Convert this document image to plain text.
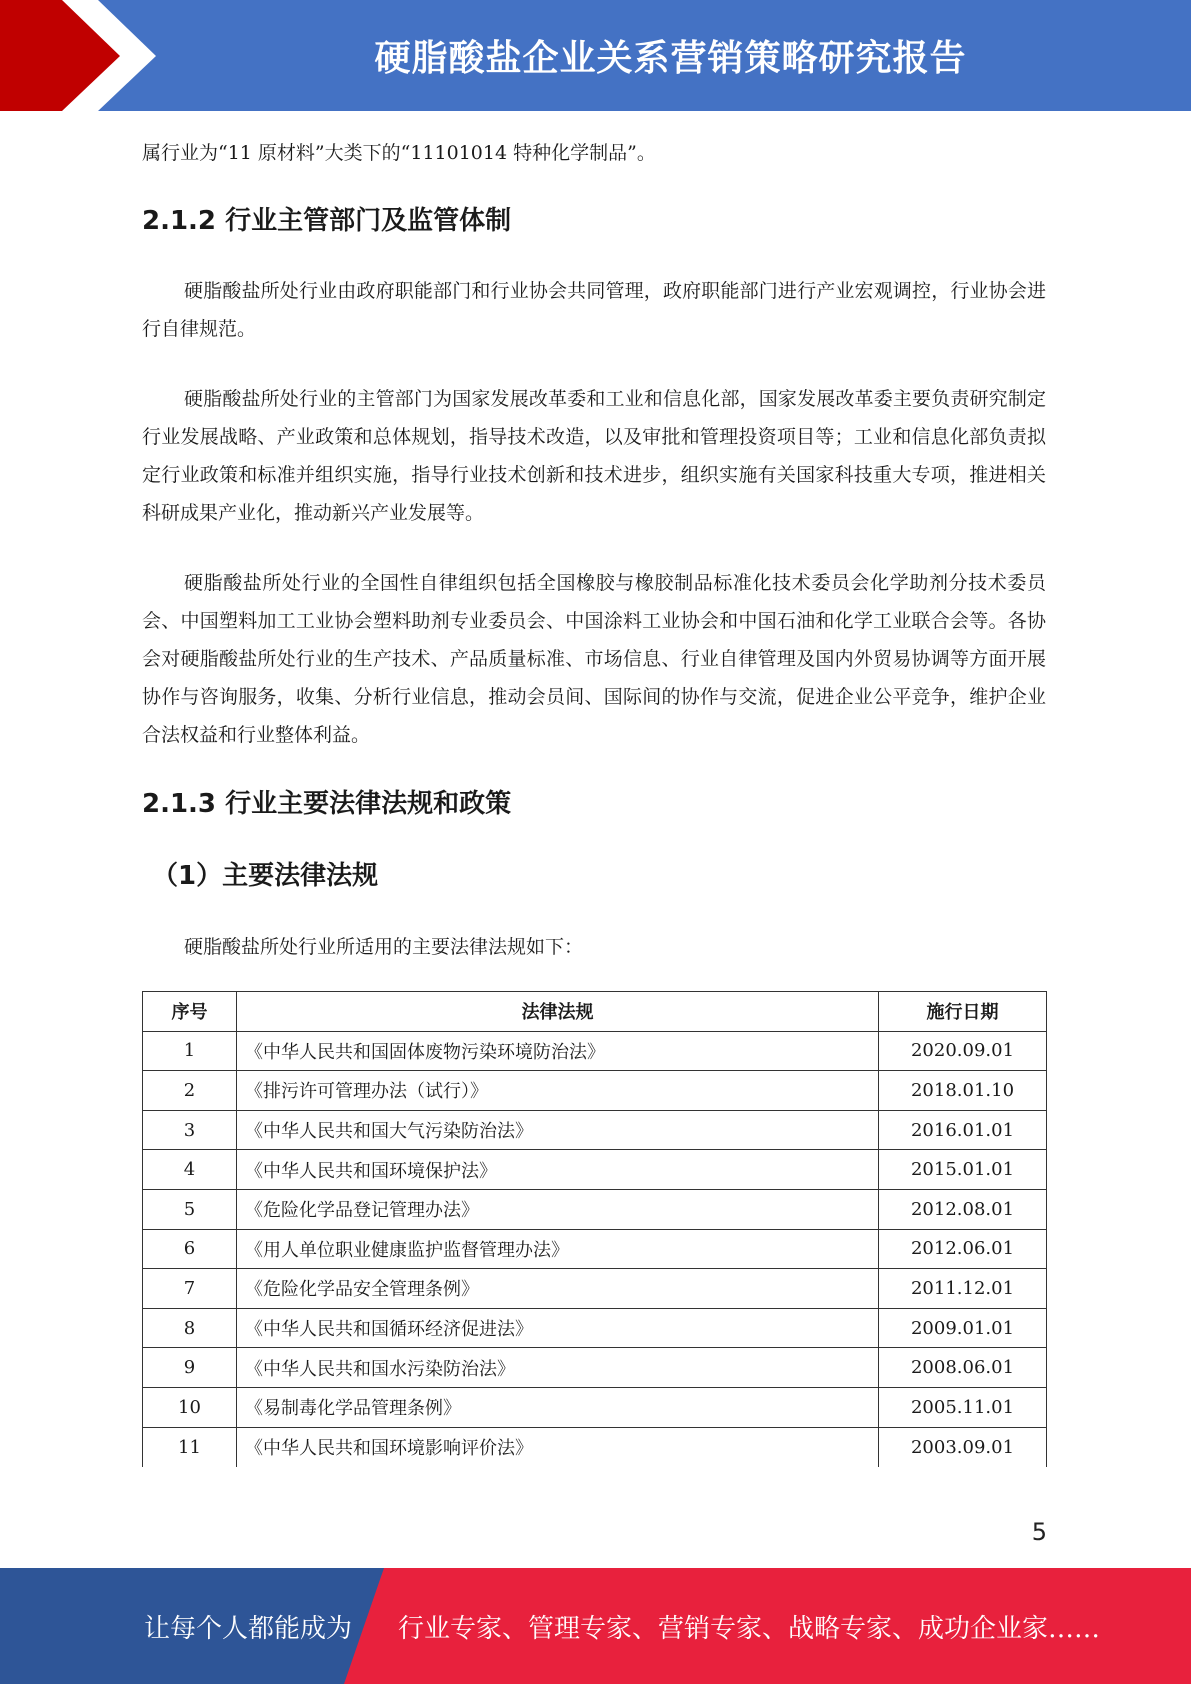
硬脂酸盐企业关系营销策略研究报告

属行业为“11 原材料”大类下的“11101014 特种化学制品”。

2.1.2 行业主管部门及监管体制

硬脂酸盐所处行业由政府职能部门和行业协会共同管理，政府职能部门进行产业宏观调控，行业协会进行自律规范。

硬脂酸盐所处行业的主管部门为国家发展改革委和工业和信息化部，国家发展改革委主要负责研究制定行业发展战略、产业政策和总体规划，指导技术改造，以及审批和管理投资项目等；工业和信息化部负责拟定行业政策和标准并组织实施，指导行业技术创新和技术进步，组织实施有关国家科技重大专项，推进相关科研成果产业化，推动新兴产业发展等。

硬脂酸盐所处行业的全国性自律组织包括全国橡胶与橡胶制品标准化技术委员会化学助剂分技术委员会、中国塑料加工工业协会塑料助剂专业委员会、中国涂料工业协会和中国石油和化学工业联合会等。各协会对硬脂酸盐所处行业的生产技术、产品质量标准、市场信息、行业自律管理及国内外贸易协调等方面开展协作与咨询服务，收集、分析行业信息，推动会员间、国际间的协作与交流，促进企业公平竞争，维护企业合法权益和行业整体利益。

2.1.3 行业主要法律法规和政策
（1）主要法律法规

硬脂酸盐所处行业所适用的主要法律法规如下：

序号	法律法规	施行日期
1	《中华人民共和国固体废物污染环境防治法》	2020.09.01
2	《排污许可管理办法（试行）》	2018.01.10
3	《中华人民共和国大气污染防治法》	2016.01.01
4	《中华人民共和国环境保护法》	2015.01.01
5	《危险化学品登记管理办法》	2012.08.01
6	《用人单位职业健康监护监督管理办法》	2012.06.01
7	《危险化学品安全管理条例》	2011.12.01
8	《中华人民共和国循环经济促进法》	2009.01.01
9	《中华人民共和国水污染防治法》	2008.06.01
10	《易制毒化学品管理条例》	2005.11.01
11	《中华人民共和国环境影响评价法》	2003.09.01
5
让每个人都能成为 行业专家、管理专家、营销专家、战略专家、成功企业家……
